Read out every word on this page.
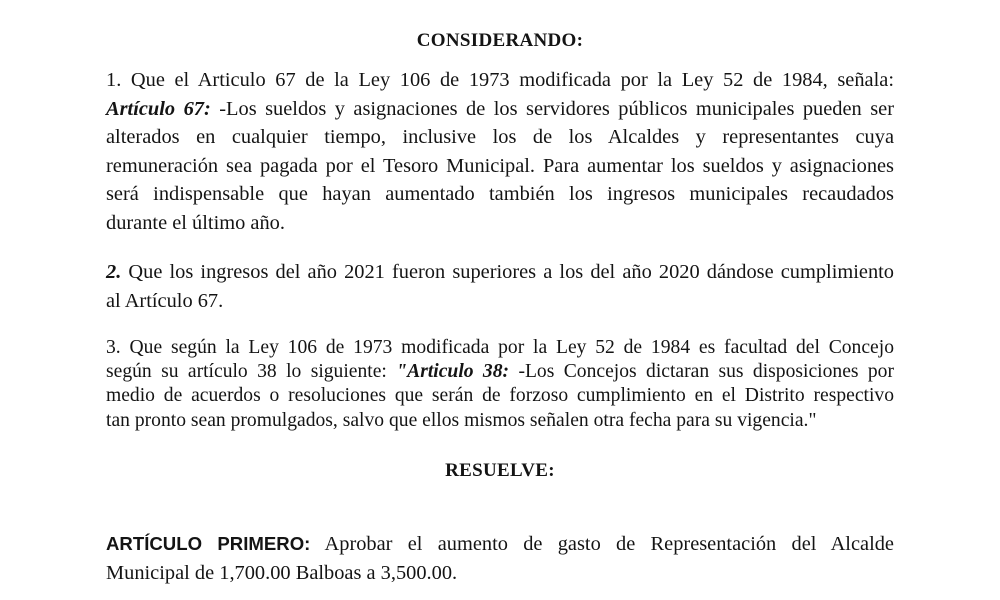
CONSIDERANDO:
1. Que el Articulo 67 de la Ley 106 de 1973 modificada por la Ley 52 de 1984, señala:
Artículo 67: -Los sueldos y asignaciones de los servidores públicos municipales pueden ser
alterados en cualquier tiempo, inclusive los de los Alcaldes y representantes cuya
remuneración sea pagada por el Tesoro Municipal. Para aumentar los sueldos y asignaciones
será indispensable que hayan aumentado también los ingresos municipales recaudados
durante el último año.
2. Que los ingresos del año 2021 fueron superiores a los del año 2020 dándose cumplimiento
al Artículo 67.
3. Que según la Ley 106 de 1973 modificada por la Ley 52 de 1984 es facultad del Concejo
según su artículo 38 lo siguiente: "Articulo 38: -Los Concejos dictaran sus disposiciones por
medio de acuerdos o resoluciones que serán de forzoso cumplimiento en el Distrito respectivo
tan pronto sean promulgados, salvo que ellos mismos señalen otra fecha para su vigencia."
RESUELVE:
ARTÍCULO PRIMERO: Aprobar el aumento de gasto de Representación del Alcalde
Municipal de 1,700.00 Balboas a 3,500.00.
